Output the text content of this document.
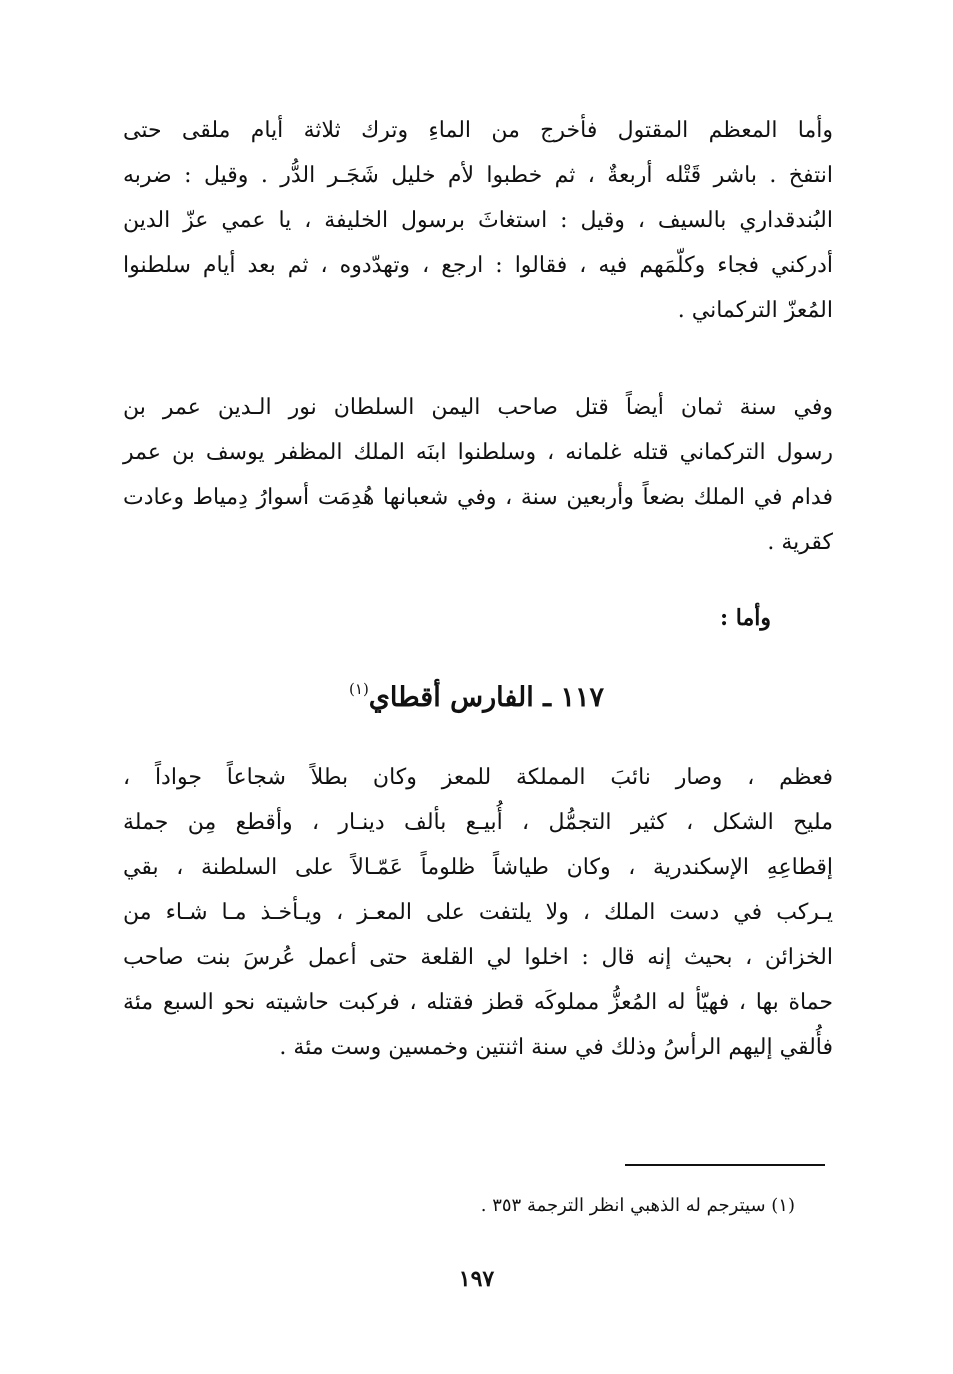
وأما المعظم المقتول فأخرج من الماءِ وترك ثلاثة أيام ملقى حتى
انتفخ . باشر قَتْله أربعةٌ ، ثم خطبوا لأم خليل شَجَـر الدُّر . وقيل : ضربه
البُندقداري بالسيف ، وقيل : استغاثَ برسول الخليفة ، يا عمي عزّ الدين
أدركني فجاء وكلّمَهم فيه ، فقالوا : ارجع ، وتهدّدوه ، ثم بعد أيام سلطنوا
المُعزّ التركماني .
وفي سنة ثمان أيضاً قتل صاحب اليمن السلطان نور الـدين عمر بن
رسول التركماني قتله غلمانه ، وسلطنوا ابنَه الملك المظفر يوسف بن عمر
فدام في الملك بضعاً وأربعين سنة ، وفي شعبانها هُدِمَت أسوارُ دِمياط وعادت
كقرية .
وأما :
١١٧ ـ الفارس أقطاي$^{(١)}$
فعظم ، وصار نائبَ المملكة للمعز وكان بطلاً شجاعاً جواداً ،
مليح الشكل ، كثير التجمُّل ، أُبيـع بألف دينـار ، وأقطع مِن جملة
إقطاعِهِ الإسكندرية ، وكان طياشاً ظلوماً عَمّـالاً على السلطنة ، بقي
يـركب في دست الملك ، ولا يلتفت على المعـز ، ويـأخـذ مـا شـاء من
الخزائن ، بحيث إنه قال : اخلوا لي القلعة حتى أعمل عُرسَ بنت صاحب
حماة بها ، فهيّأ له المُعزُّ مملوكَه قطز فقتله ، فركبت حاشيته نحو السبع مئة
فأُلقي إليهم الرأسُ وذلك في سنة اثنتين وخمسين وست مئة .
(١) سيترجم له الذهبي انظر الترجمة ٣٥٣ .
١٩٧
